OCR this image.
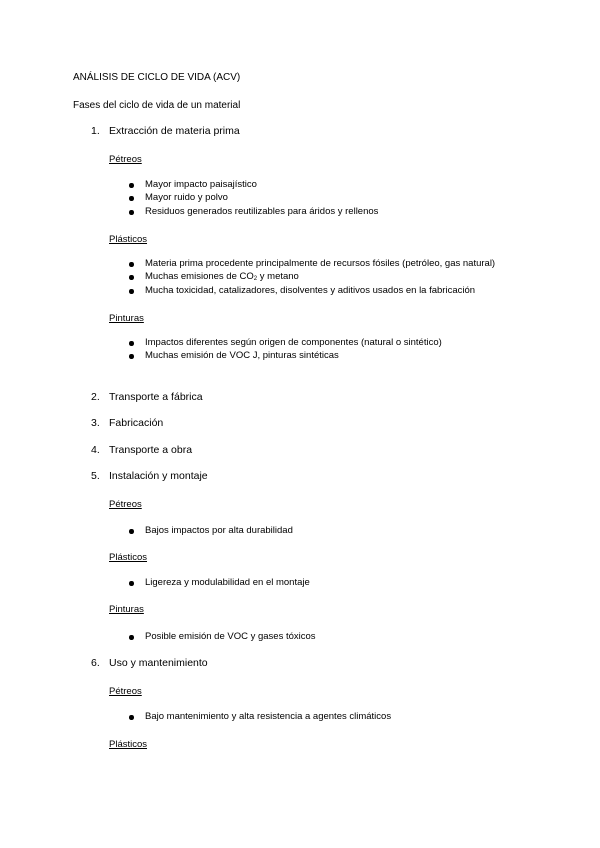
ANÁLISIS DE CICLO DE VIDA (ACV)
Fases del ciclo de vida de un material
1. Extracción de materia prima
Pétreos
Mayor impacto paisajístico
Mayor ruido y polvo
Residuos generados reutilizables para áridos y rellenos
Plásticos
Materia prima procedente principalmente de recursos fósiles (petróleo, gas natural)
Muchas emisiones de $CO_2$ y metano
Mucha toxicidad, catalizadores, disolventes y aditivos usados en la fabricación
Pinturas
Impactos diferentes según origen de componentes (natural o sintético)
Muchas emisión de VOC J, pinturas sintéticas
2. Transporte a fábrica
3. Fabricación
4. Transporte a obra
5. Instalación y montaje
Pétreos
Bajos impactos por alta durabilidad
Plásticos
Ligereza y modulabilidad en el montaje
Pinturas
Posible emisión de VOC y gases tóxicos
6. Uso y mantenimiento
Pétreos
Bajo mantenimiento y alta resistencia a agentes climáticos
Plásticos
